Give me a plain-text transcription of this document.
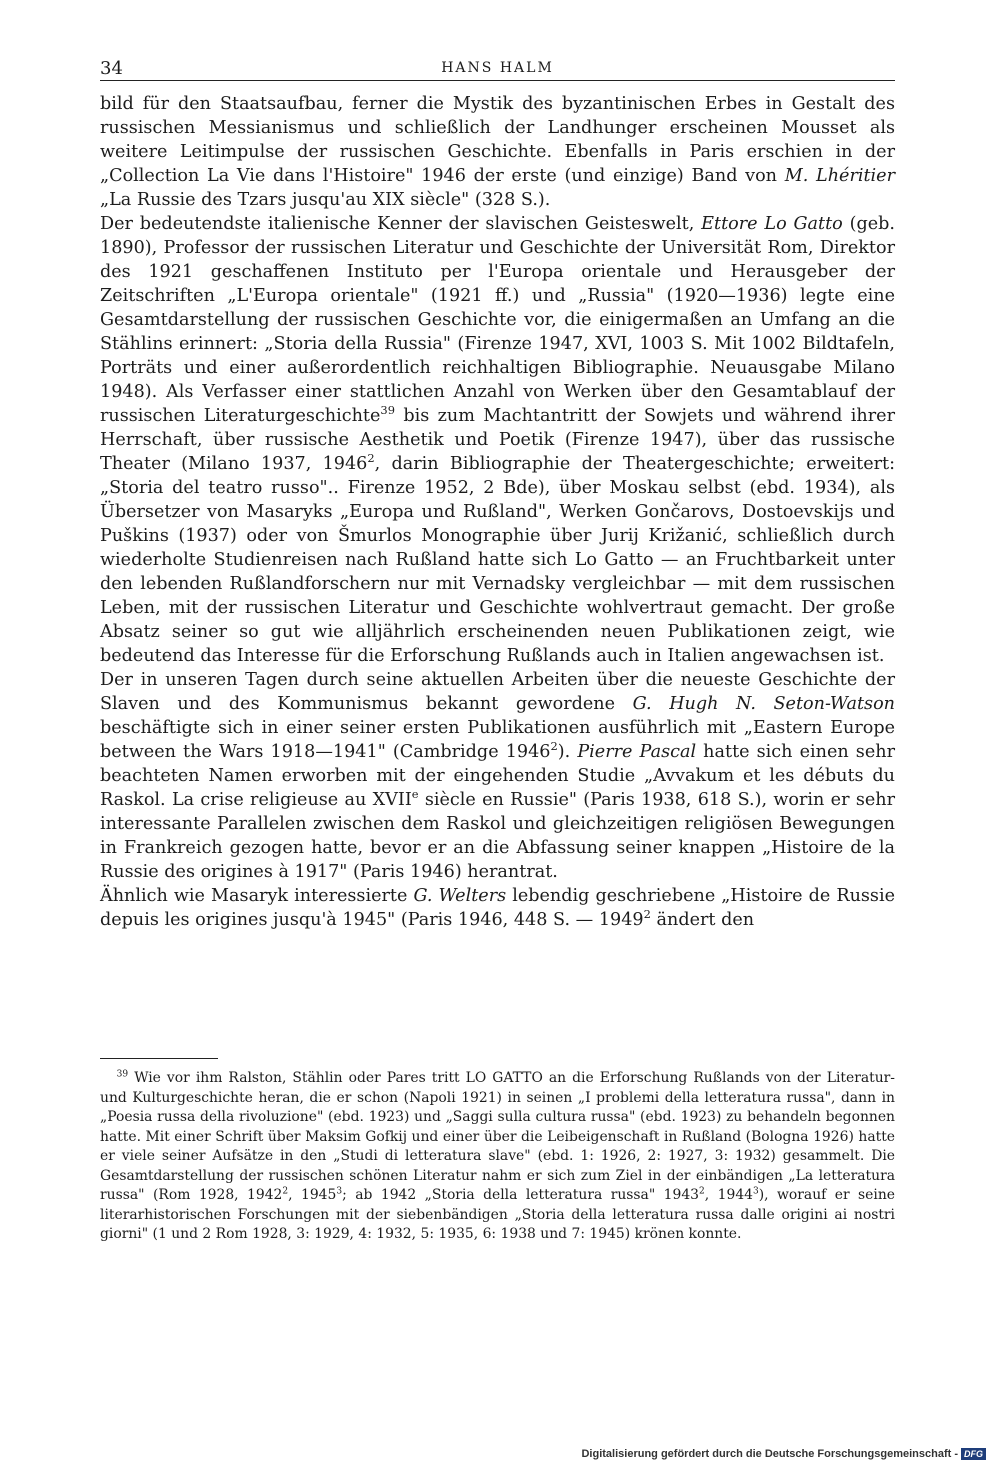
34	HANS HALM

bild für den Staatsaufbau, ferner die Mystik des byzantinischen Erbes in Gestalt des russischen Messianismus und schließlich der Landhunger erscheinen Mousset als weitere Leitimpulse der russischen Geschichte. Ebenfalls in Paris erschien in der „Collection La Vie dans l'Histoire" 1946 der erste (und einzige) Band von M. Lhéritier „La Russie des Tzars jusqu'au XIX siècle" (328 S.).

Der bedeutendste italienische Kenner der slavischen Geisteswelt, Ettore Lo Gatto (geb. 1890), Professor der russischen Literatur und Geschichte der Universität Rom, Direktor des 1921 geschaffenen Instituto per l'Europa orientale und Herausgeber der Zeitschriften „L'Europa orientale" (1921 ff.) und „Russia" (1920—1936) legte eine Gesamtdarstellung der russischen Geschichte vor, die einigermaßen an Umfang an die Stählins erinnert: „Storia della Russia" (Firenze 1947, XVI, 1003 S. Mit 1002 Bildtafeln, Porträts und einer außerordentlich reichhaltigen Bibliographie. Neuausgabe Milano 1948). Als Verfasser einer stattlichen Anzahl von Werken über den Gesamtablauf der russischen Literaturgeschichte$^{39}$ bis zum Machtantritt der Sowjets und während ihrer Herrschaft, über russische Aesthetik und Poetik (Firenze 1947), über das russische Theater (Milano 1937, 1946$^2$, darin Bibliographie der Theatergeschichte; erweitert: „Storia del teatro russo".. Firenze 1952, 2 Bde), über Moskau selbst (ebd. 1934), als Übersetzer von Masaryks „Europa und Rußland", Werken Gončarovs, Dostoevskijs und Puškins (1937) oder von Šmurlos Monographie über Jurij Križanić, schließlich durch wiederholte Studienreisen nach Rußland hatte sich Lo Gatto — an Fruchtbarkeit unter den lebenden Rußlandforschern nur mit Vernadsky vergleichbar — mit dem russischen Leben, mit der russischen Literatur und Geschichte wohlvertraut gemacht. Der große Absatz seiner so gut wie alljährlich erscheinenden neuen Publikationen zeigt, wie bedeutend das Interesse für die Erforschung Rußlands auch in Italien angewachsen ist.

Der in unseren Tagen durch seine aktuellen Arbeiten über die neueste Geschichte der Slaven und des Kommunismus bekannt gewordene G. Hugh N. Seton-Watson beschäftigte sich in einer seiner ersten Publikationen ausführlich mit „Eastern Europe between the Wars 1918—1941" (Cambridge 1946$^2$). Pierre Pascal hatte sich einen sehr beachteten Namen erworben mit der eingehenden Studie „Avvakum et les débuts du Raskol. La crise religieuse au XVIIe siècle en Russie" (Paris 1938, 618 S.), worin er sehr interessante Parallelen zwischen dem Raskol und gleichzeitigen religiösen Bewegungen in Frankreich gezogen hatte, bevor er an die Abfassung seiner knappen „Histoire de la Russie des origines à 1917" (Paris 1946) herantrat.

Ähnlich wie Masaryk interessierte G. Welters lebendig geschriebene „Histoire de Russie depuis les origines jusqu'à 1945" (Paris 1946, 448 S. — 1949$^2$ ändert den

$^{39}$ Wie vor ihm Ralston, Stählin oder Pares tritt LO GATTO an die Erforschung Rußlands von der Literatur- und Kulturgeschichte heran, die er schon (Napoli 1921) in seinen „I problemi della letteratura russa", dann in „Poesia russa della rivoluzione" (ebd. 1923) und „Saggi sulla cultura russa" (ebd. 1923) zu behandeln begonnen hatte. Mit einer Schrift über Maksim Gofkij und einer über die Leibeigenschaft in Rußland (Bologna 1926) hatte er viele seiner Aufsätze in den „Studi di letteratura slave" (ebd. 1: 1926, 2: 1927, 3: 1932) gesammelt. Die Gesamtdarstellung der russischen schönen Literatur nahm er sich zum Ziel in der einbändigen „La letteratura russa" (Rom 1928, 1942$^2$, 1945$^3$; ab 1942 „Storia della letteratura russa" 1943$^2$, 1944$^3$), worauf er seine literarhistorischen Forschungen mit der siebenbändigen „Storia della letteratura russa dalle origini ai nostri giorni" (1 und 2 Rom 1928, 3: 1929, 4: 1932, 5: 1935, 6: 1938 und 7: 1945) krönen konnte.

Digitalisierung gefördert durch die Deutsche Forschungsgemeinschaft - DFG
